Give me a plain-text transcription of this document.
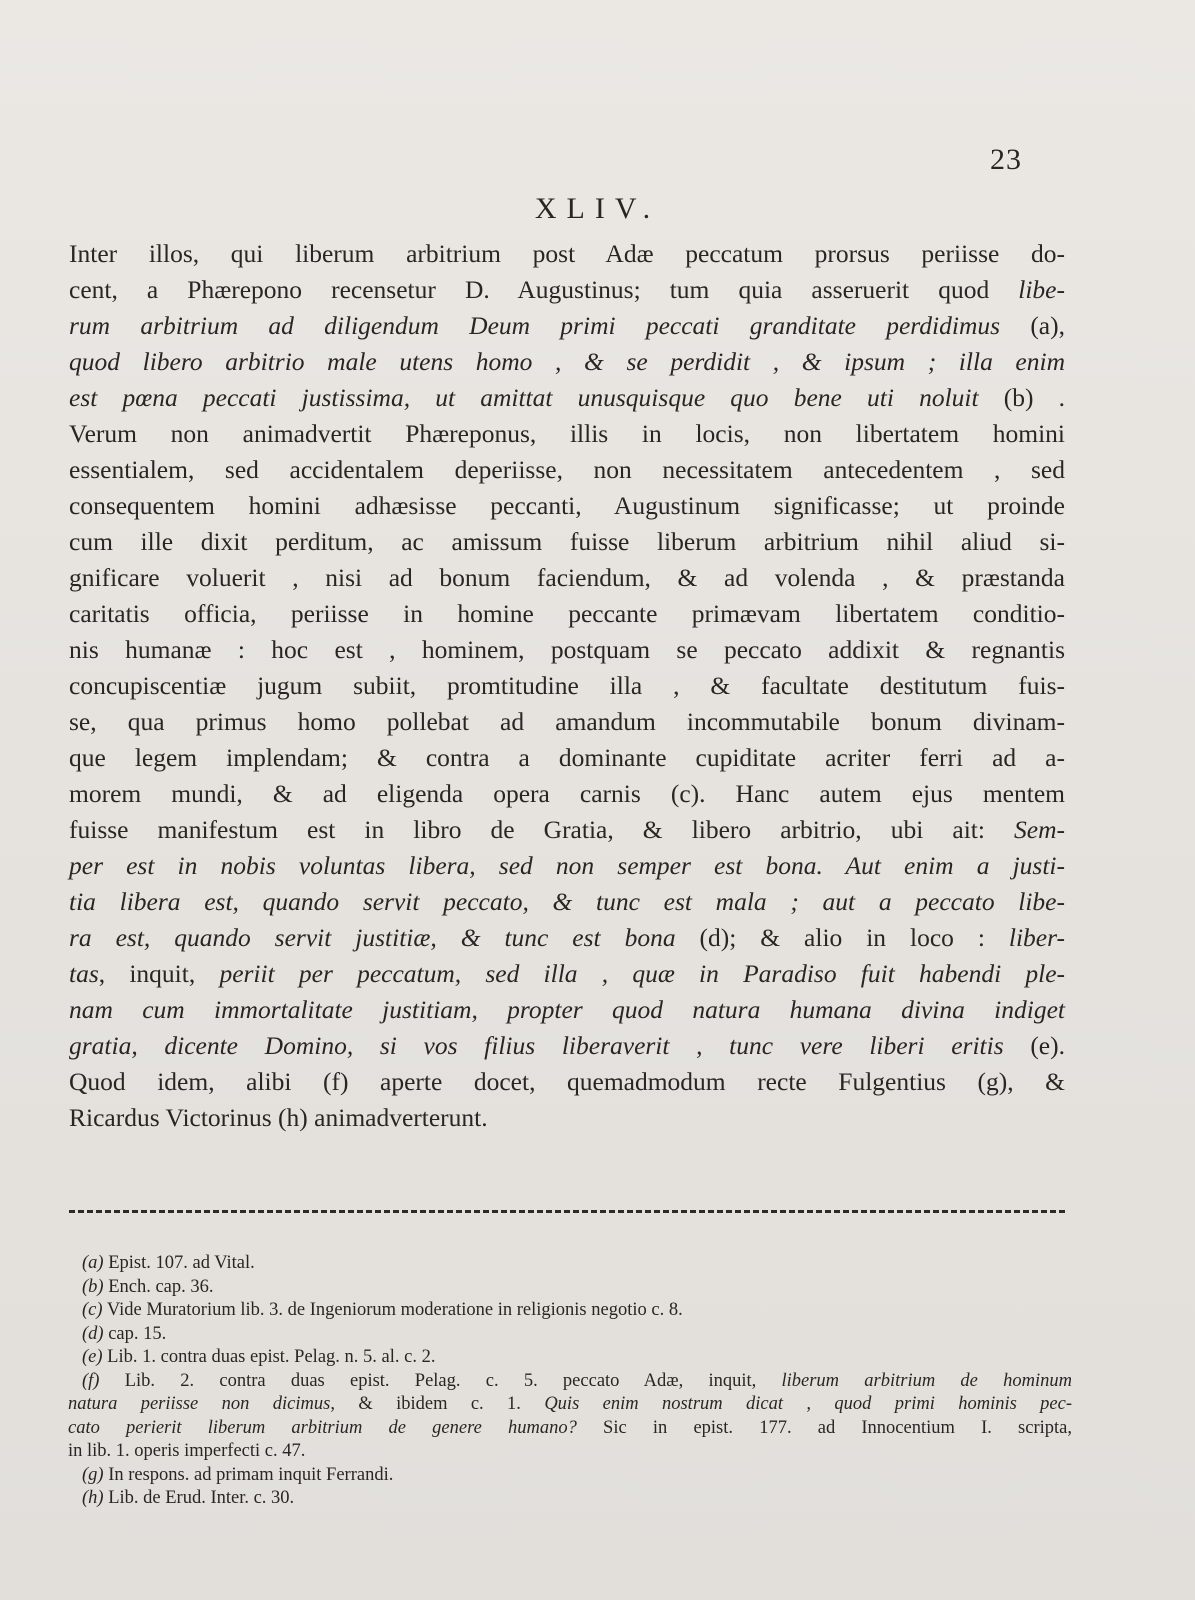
23
XLIV.
Inter illos, qui liberum arbitrium post Adæ peccatum prorsus periisse do-
cent, a Phærepono recensetur D. Augustinus; tum quia asseruerit quod libe-
rum arbitrium ad diligendum Deum primi peccati granditate perdidimus (a),
quod libero arbitrio male utens homo , & se perdidit , & ipsum ; illa enim
est pœna peccati justissima, ut amittat unusquisque quo bene uti noluit (b) .
Verum non animadvertit Phæreponus, illis in locis, non libertatem homini
essentialem, sed accidentalem deperiisse, non necessitatem antecedentem , sed
consequentem homini adhæsisse peccanti, Augustinum significasse; ut proinde
cum ille dixit perditum, ac amissum fuisse liberum arbitrium nihil aliud si-
gnificare voluerit , nisi ad bonum faciendum, & ad volenda , & præstanda
caritatis officia, periisse in homine peccante primævam libertatem conditio-
nis humanæ : hoc est , hominem, postquam se peccato addixit & regnantis
concupiscentiæ jugum subiit, promtitudine illa , & facultate destitutum fuis-
se, qua primus homo pollebat ad amandum incommutabile bonum divinam-
que legem implendam; & contra a dominante cupiditate acriter ferri ad a-
morem mundi, & ad eligenda opera carnis (c). Hanc autem ejus mentem
fuisse manifestum est in libro de Gratia, & libero arbitrio, ubi ait: Sem-
per est in nobis voluntas libera, sed non semper est bona. Aut enim a justi-
tia libera est, quando servit peccato, & tunc est mala ; aut a peccato libe-
ra est, quando servit justitiæ, & tunc est bona (d); & alio in loco : liber-
tas, inquit, periit per peccatum, sed illa , quæ in Paradiso fuit habendi ple-
nam cum immortalitate justitiam, propter quod natura humana divina indiget
gratia, dicente Domino, si vos filius liberaverit , tunc vere liberi eritis (e).
Quod idem, alibi (f) aperte docet, quemadmodum recte Fulgentius (g), &
Ricardus Victorinus (h) animadverterunt.
(a) Epist. 107. ad Vital.
(b) Ench. cap. 36.
(c) Vide Muratorium lib. 3. de Ingeniorum moderatione in religionis negotio c. 8.
(d) cap. 15.
(e) Lib. 1. contra duas epist. Pelag. n. 5. al. c. 2.
(f) Lib. 2. contra duas epist. Pelag. c. 5. peccato Adæ, inquit, liberum arbitrium de hominum
natura periisse non dicimus, & ibidem c. 1. Quis enim nostrum dicat , quod primi hominis pec-
cato perierit liberum arbitrium de genere humano? Sic in epist. 177. ad Innocentium I. scripta,
in lib. 1. operis imperfecti c. 47.
(g) In respons. ad primam inquit Ferrandi.
(h) Lib. de Erud. Inter. c. 30.
